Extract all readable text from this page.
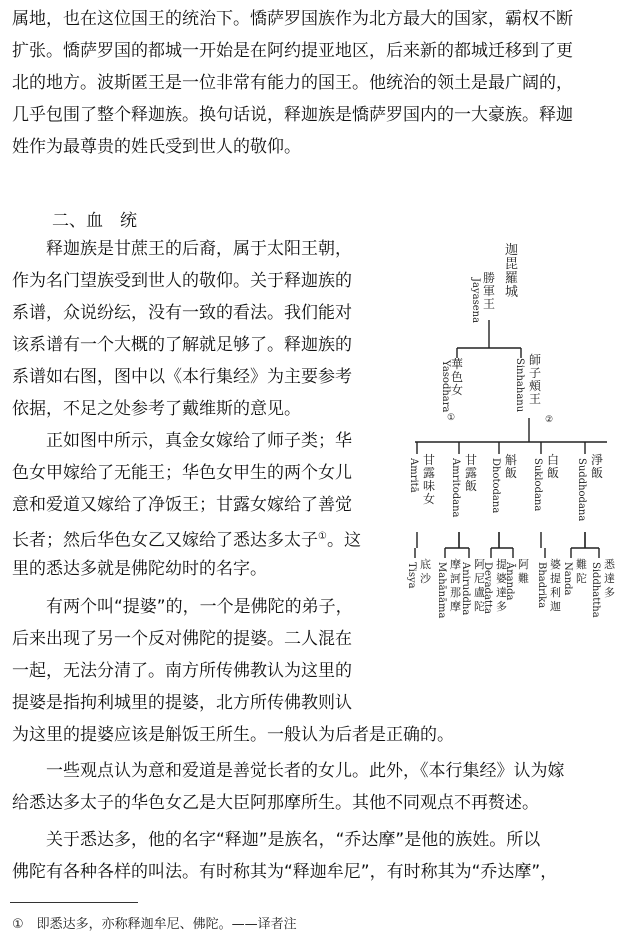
属地，也在这位国王的统治下。憍萨罗国族作为北方最大的国家，霸权不断
扩张。憍萨罗国的都城一开始是在阿约提亚地区，后来新的都城迁移到了更
北的地方。波斯匿王是一位非常有能力的国王。他统治的领土是最广阔的，
几乎包围了整个释迦族。换句话说，释迦族是憍萨罗国内的一大豪族。释迦
姓作为最尊贵的姓氏受到世人的敬仰。
二、血　统
　　释迦族是甘蔗王的后裔，属于太阳王朝，
作为名门望族受到世人的敬仰。关于释迦族的
系谱，众说纷纭，没有一致的看法。我们能对
该系谱有一个大概的了解就足够了。释迦族的
系谱如右图，图中以《本行集经》为主要参考
依据，不足之处参考了戴维斯的意见。
　　正如图中所示，真金女嫁给了师子类；华
色女甲嫁给了无能王；华色女甲生的两个女儿
意和爱道又嫁给了净饭王；甘露女嫁给了善觉
长者；然后华色女乙又嫁给了悉达多太子①。这
里的悉达多就是佛陀幼时的名字。
　　有两个叫“提婆”的，一个是佛陀的弟子，
后来出现了另一个反对佛陀的提婆。二人混在
一起，无法分清了。南方所传佛教认为这里的
提婆是指拘利城里的提婆，北方所传佛教则认
为这里的提婆应该是斛饭王所生。一般认为后者是正确的。
　　一些观点认为意和爱道是善觉长者的女儿。此外，《本行集经》认为嫁
给悉达多太子的华色女乙是大臣阿那摩所生。其他不同观点不再赘述。
　　关于悉达多，他的名字“释迦”是族名，“乔达摩”是他的族姓。所以
佛陀有各种各样的叫法。有时称其为“释迦牟尼”，有时称其为“乔达摩”，
①　即悉达多，亦称释迦牟尼、佛陀。——译者注
迦
毘
羅
城
勝
軍
王
Jayasena
華
色
女
Yasodhara	師
子
頰
王
Sinhahanu
①	②
甘
露
味
女
Amritā	甘
露
飯
Amritodana	斛
飯
Dhotodana	白
飯
Suklodana	淨
飯
Suddhodana
底
沙
Tisya	摩
訶
那
摩
Mahānāma 阿
尼
盧
陀
Aniruddha 提
婆
達
多
Devadatta 阿
難
Ānanda	婆
提
利
迦
Bhadrika	難
陀
Nanda	悉
達
多
Siddhattha
